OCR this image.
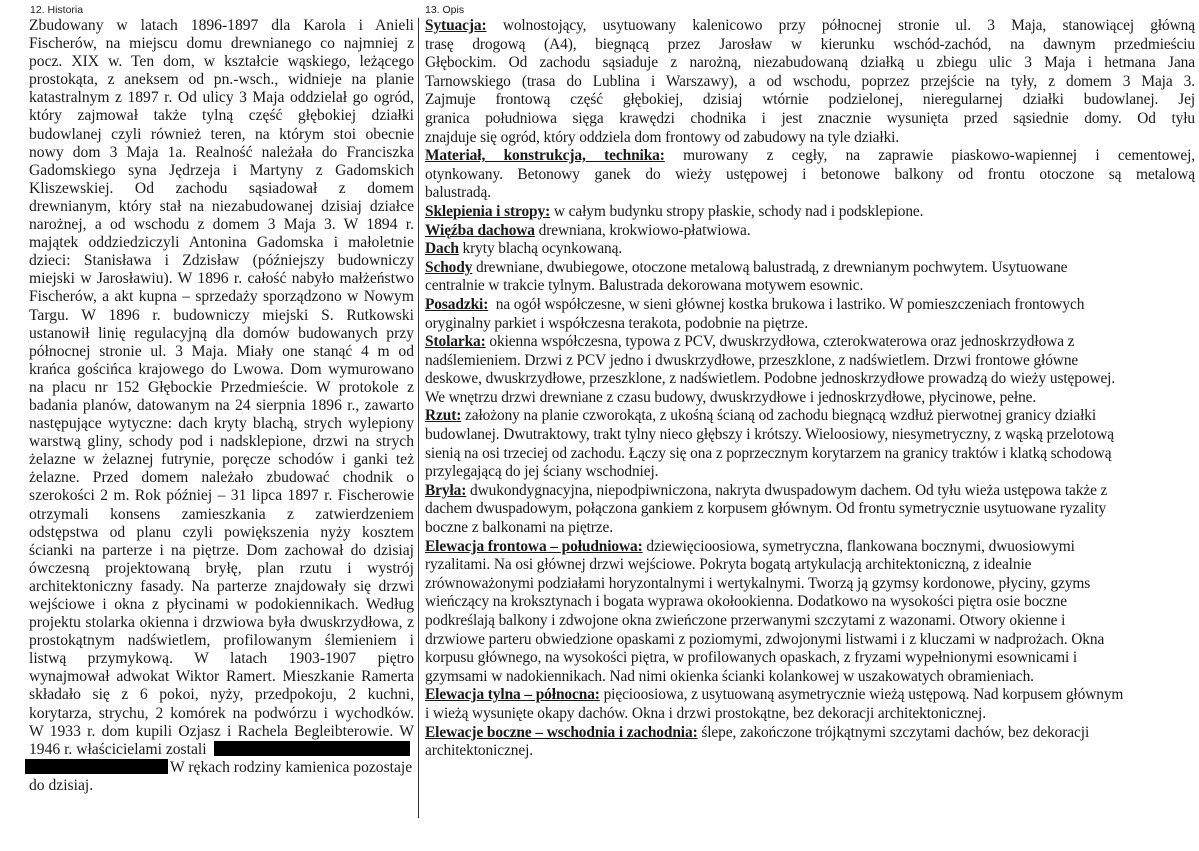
12. Historia	13. Opis
Zbudowany w latach 1896-1897 dla Karola i Anieli
Fischerów, na miejscu domu drewnianego co najmniej z
pocz. XIX w. Ten dom, w kształcie wąskiego, leżącego
prostokąta, z aneksem od pn.-wsch., widnieje na planie
katastralnym z 1897 r. Od ulicy 3 Maja oddzielał go ogród,
który zajmował także tylną część głębokiej działki
budowlanej czyli również teren, na którym stoi obecnie
nowy dom 3 Maja 1a. Realność należała do Franciszka
Gadomskiego syna Jędrzeja i Martyny z Gadomskich
Kliszewskiej. Od zachodu sąsiadował z domem
drewnianym, który stał na niezabudowanej dzisiaj działce
narożnej, a od wschodu z domem 3 Maja 3. W 1894 r.
majątek oddziedziczyli Antonina Gadomska i małoletnie
dzieci: Stanisława i Zdzisław (późniejszy budowniczy
miejski w Jarosławiu). W 1896 r. całość nabyło małżeństwo
Fischerów, a akt kupna – sprzedaży sporządzono w Nowym
Targu. W 1896 r. budowniczy miejski S. Rutkowski
ustanowił linię regulacyjną dla domów budowanych przy
północnej stronie ul. 3 Maja. Miały one stanąć 4 m od
krańca gościńca krajowego do Lwowa. Dom wymurowano
na placu nr 152 Głębockie Przedmieście. W protokole z
badania planów, datowanym na 24 sierpnia 1896 r., zawarto
następujące wytyczne: dach kryty blachą, strych wylepiony
warstwą gliny, schody pod i nadsklepione, drzwi na strych
żelazne w żelaznej futrynie, poręcze schodów i ganki też
żelazne. Przed domem należało zbudować chodnik o
szerokości 2 m. Rok później – 31 lipca 1897 r. Fischerowie
otrzymali konsens zamieszkania z zatwierdzeniem
odstępstwa od planu czyli powiększenia nyży kosztem
ścianki na parterze i na piętrze. Dom zachował do dzisiaj
ówczesną projektowaną bryłę, plan rzutu i wystrój
architektoniczny fasady. Na parterze znajdowały się drzwi
wejściowe i okna z płycinami w podokiennikach. Według
projektu stolarka okienna i drzwiowa była dwuskrzydłowa, z
prostokątnym nadświetlem, profilowanym ślemieniem i
listwą przymykową. W latach 1903-1907 piętro
wynajmował adwokat Wiktor Ramert. Mieszkanie Ramerta
składało się z 6 pokoi, nyży, przedpokoju, 2 kuchni,
korytarza, strychu, 2 komórek na podwórzu i wychodków.
W 1933 r. dom kupili Ozjasz i Rachela Begleibterowie. W
1946 r. właścicielami zostali
W rękach rodziny kamienica pozostaje
do dzisiaj.
Sytuacja: wolnostojący, usytuowany kalenicowo przy północnej stronie ul. 3 Maja, stanowiącej główną
trasę drogową (A4), biegnącą przez Jarosław w kierunku wschód-zachód, na dawnym przedmieściu
Głębockim. Od zachodu sąsiaduje z narożną, niezabudowaną działką u zbiegu ulic 3 Maja i hetmana Jana
Tarnowskiego (trasa do Lublina i Warszawy), a od wschodu, poprzez przejście na tyły, z domem 3 Maja 3.
Zajmuje frontową część głębokiej, dzisiaj wtórnie podzielonej, nieregularnej działki budowlanej. Jej
granica południowa sięga krawędzi chodnika i jest znacznie wysunięta przed sąsiednie domy. Od tyłu
znajduje się ogród, który oddziela dom frontowy od zabudowy na tyle działki.
Materiał, konstrukcja, technika: murowany z cegły, na zaprawie piaskowo-wapiennej i cementowej,
otynkowany. Betonowy ganek do wieży ustępowej i betonowe balkony od frontu otoczone są metalową
balustradą.
Sklepienia i stropy: w całym budynku stropy płaskie, schody nad i podsklepione.
Więźba dachowa drewniana, krokwiowo-płatwiowa.
Dach kryty blachą ocynkowaną.
Schody drewniane, dwubiegowe, otoczone metalową balustradą, z drewnianym pochwytem. Usytuowane
centralnie w trakcie tylnym. Balustrada dekorowana motywem esownic.
Posadzki:  na ogół współczesne, w sieni głównej kostka brukowa i lastriko. W pomieszczeniach frontowych
oryginalny parkiet i współczesna terakota, podobnie na piętrze.
Stolarka: okienna współczesna, typowa z PCV, dwuskrzydłowa, czterokwaterowa oraz jednoskrzydłowa z
nadślemieniem. Drzwi z PCV jedno i dwuskrzydłowe, przeszklone, z nadświetlem. Drzwi frontowe główne
deskowe, dwuskrzydłowe, przeszklone, z nadświetlem. Podobne jednoskrzydłowe prowadzą do wieży ustępowej.
We wnętrzu drzwi drewniane z czasu budowy, dwuskrzydłowe i jednoskrzydłowe, płycinowe, pełne.
Rzut: założony na planie czworokąta, z ukośną ścianą od zachodu biegnącą wzdłuż pierwotnej granicy działki
budowlanej. Dwutraktowy, trakt tylny nieco głębszy i krótszy. Wieloosiowy, niesymetryczny, z wąską przelotową
sienią na osi trzeciej od zachodu. Łączy się ona z poprzecznym korytarzem na granicy traktów i klatką schodową
przylegającą do jej ściany wschodniej.
Bryła: dwukondygnacyjna, niepodpiwniczona, nakryta dwuspadowym dachem. Od tyłu wieża ustępowa także z
dachem dwuspadowym, połączona gankiem z korpusem głównym. Od frontu symetrycznie usytuowane ryzality
boczne z balkonami na piętrze.
Elewacja frontowa – południowa: dziewięcioosiowa, symetryczna, flankowana bocznymi, dwuosiowymi
ryzalitami. Na osi głównej drzwi wejściowe. Pokryta bogatą artykulacją architektoniczną, z idealnie
zrównoważonymi podziałami horyzontalnymi i wertykalnymi. Tworzą ją gzymsy kordonowe, płyciny, gzyms
wieńczący na kroksztynach i bogata wyprawa okołookienna. Dodatkowo na wysokości piętra osie boczne
podkreślają balkony i zdwojone okna zwieńczone przerwanymi szczytami z wazonami. Otwory okienne i
drzwiowe parteru obwiedzione opaskami z poziomymi, zdwojonymi listwami i z kluczami w nadprożach. Okna
korpusu głównego, na wysokości piętra, w profilowanych opaskach, z fryzami wypełnionymi esownicami i
gzymsami w nadokiennikach. Nad nimi okienka ścianki kolankowej w uszakowatych obramieniach.
Elewacja tylna – północna: pięcioosiowa, z usytuowaną asymetrycznie wieżą ustępową. Nad korpusem głównym
i wieżą wysunięte okapy dachów. Okna i drzwi prostokątne, bez dekoracji architektonicznej.
Elewacje boczne – wschodnia i zachodnia: ślepe, zakończone trójkątnymi szczytami dachów, bez dekoracji
architektonicznej.
